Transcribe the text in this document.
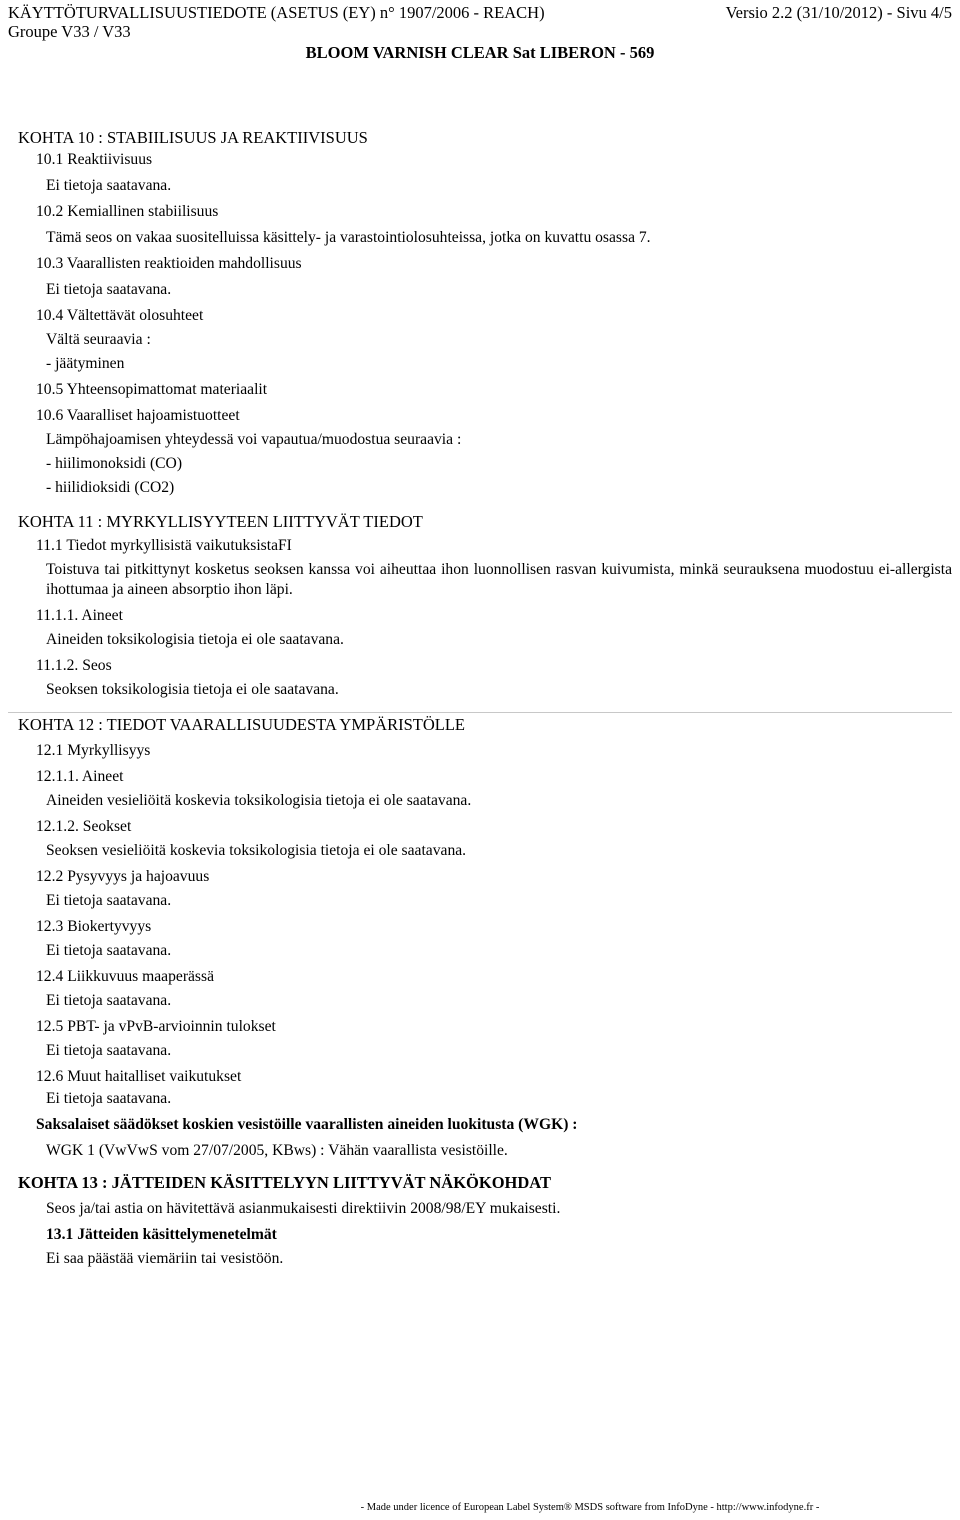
KÄYTTÖTURVALLISUUSTIEDOTE (ASETUS (EY) n° 1907/2006 - REACH)	Versio 2.2 (31/10/2012) - Sivu 4/5
Groupe V33 / V33
BLOOM VARNISH CLEAR Sat LIBERON - 569
KOHTA 10 : STABIILISUUS JA REAKTIIVISUUS
10.1 Reaktiivisuus
Ei tietoja saatavana.
10.2 Kemiallinen stabiilisuus
Tämä seos on vakaa suositelluissa käsittely- ja varastointiolosuhteissa, jotka on kuvattu osassa 7.
10.3 Vaarallisten reaktioiden mahdollisuus
Ei tietoja saatavana.
10.4 Vältettävät olosuhteet
Vältä seuraavia :
- jäätyminen
10.5 Yhteensopimattomat materiaalit
10.6 Vaaralliset hajoamistuotteet
Lämpöhajoamisen yhteydessä voi vapautua/muodostua seuraavia :
- hiilimonoksidi (CO)
- hiilidioksidi (CO2)
KOHTA 11 : MYRKYLLISYYTEEN LIITTYVÄT TIEDOT
11.1 Tiedot myrkyllisistä vaikutuksistaFI
Toistuva tai pitkittynyt kosketus seoksen kanssa voi aiheuttaa ihon luonnollisen rasvan kuivumista, minkä seurauksena muodostuu ei-allergista ihottumaa ja aineen absorptio ihon läpi.
11.1.1. Aineet
Aineiden toksikologisia tietoja ei ole saatavana.
11.1.2. Seos
Seoksen toksikologisia tietoja ei ole saatavana.
KOHTA 12 : TIEDOT VAARALLISUUDESTA YMPÄRISTÖLLE
12.1 Myrkyllisyys
12.1.1. Aineet
Aineiden vesieliöitä koskevia toksikologisia tietoja ei ole saatavana.
12.1.2. Seokset
Seoksen vesieliöitä koskevia toksikologisia tietoja ei ole saatavana.
12.2 Pysyvyys ja hajoavuus
Ei tietoja saatavana.
12.3 Biokertyvyys
Ei tietoja saatavana.
12.4 Liikkuvuus maaperässä
Ei tietoja saatavana.
12.5 PBT- ja vPvB-arvioinnin tulokset
Ei tietoja saatavana.
12.6 Muut haitalliset vaikutukset
Ei tietoja saatavana.
Saksalaiset säädökset koskien vesistöille vaarallisten aineiden luokitusta (WGK) :
WGK 1 (VwVwS vom 27/07/2005, KBws) : Vähän vaarallista vesistöille.
KOHTA 13 : JÄTTEIDEN KÄSITTELYYN LIITTYVÄT NÄKÖKOHDAT
Seos ja/tai astia on hävitettävä asianmukaisesti direktiivin 2008/98/EY mukaisesti.
13.1 Jätteiden käsittelymenetelmät
Ei saa päästää viemäriin tai vesistöön.
- Made under licence of European Label System® MSDS software from InfoDyne - http://www.infodyne.fr -
